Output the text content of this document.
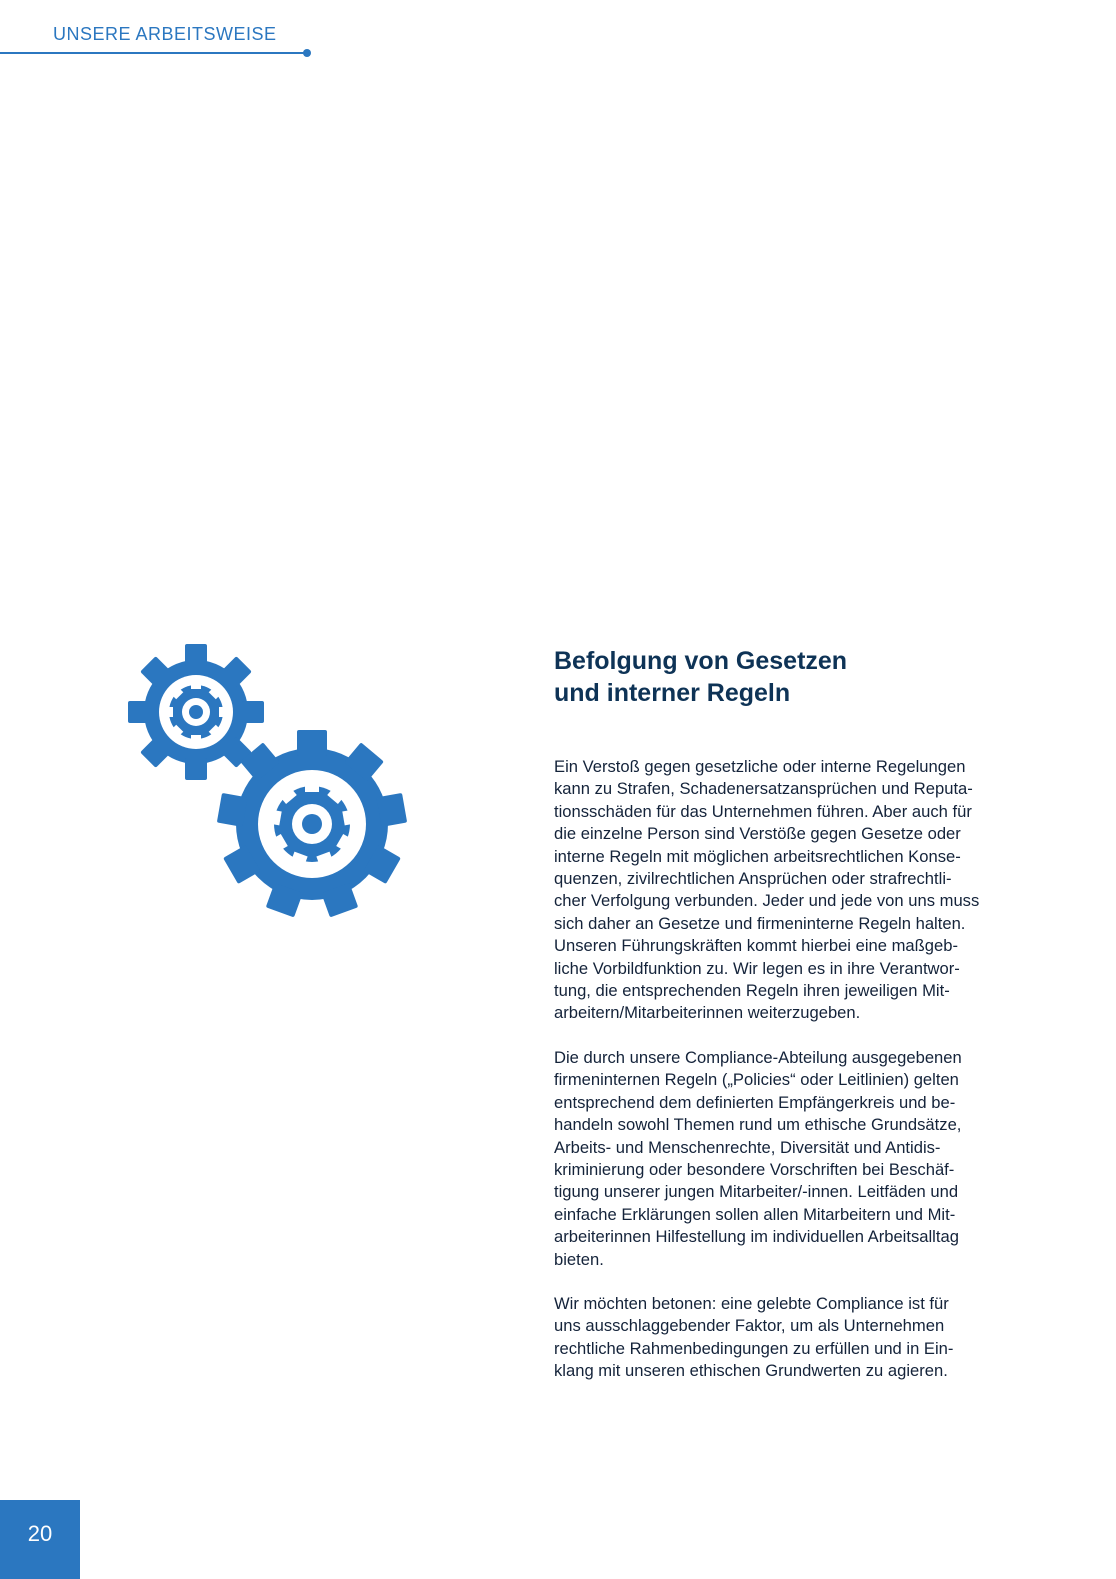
UNSERE ARBEITSWEISE
Befolgung von Gesetzen
und interner Regeln

Ein Verstoß gegen gesetzliche oder interne Regelungen
kann zu Strafen, Schadenersatzansprüchen und Reputa-
tionsschäden für das Unternehmen führen. Aber auch für
die einzelne Person sind Verstöße gegen Gesetze oder
interne Regeln mit möglichen arbeitsrechtlichen Konse-
quenzen, zivilrechtlichen Ansprüchen oder strafrechtli-
cher Verfolgung verbunden. Jeder und jede von uns muss
sich daher an Gesetze und firmeninterne Regeln halten.
Unseren Führungskräften kommt hierbei eine maßgeb-
liche Vorbildfunktion zu. Wir legen es in ihre Verantwor-
tung, die entsprechenden Regeln ihren jeweiligen Mit-
arbeitern/Mitarbeiterinnen weiterzugeben.

Die durch unsere Compliance-Abteilung ausgegebenen
firmeninternen Regeln („Policies“ oder Leitlinien) gelten
entsprechend dem definierten Empfängerkreis und be-
handeln sowohl Themen rund um ethische Grundsätze,
Arbeits- und Menschenrechte, Diversität und Antidis-
kriminierung oder besondere Vorschriften bei Beschäf-
tigung unserer jungen Mitarbeiter/-innen. Leitfäden und
einfache Erklärungen sollen allen Mitarbeitern und Mit-
arbeiterinnen Hilfestellung im individuellen Arbeitsalltag
bieten.

Wir möchten betonen: eine gelebte Compliance ist für
uns ausschlaggebender Faktor, um als Unternehmen
rechtliche Rahmenbedingungen zu erfüllen und in Ein-
klang mit unseren ethischen Grundwerten zu agieren.

20
